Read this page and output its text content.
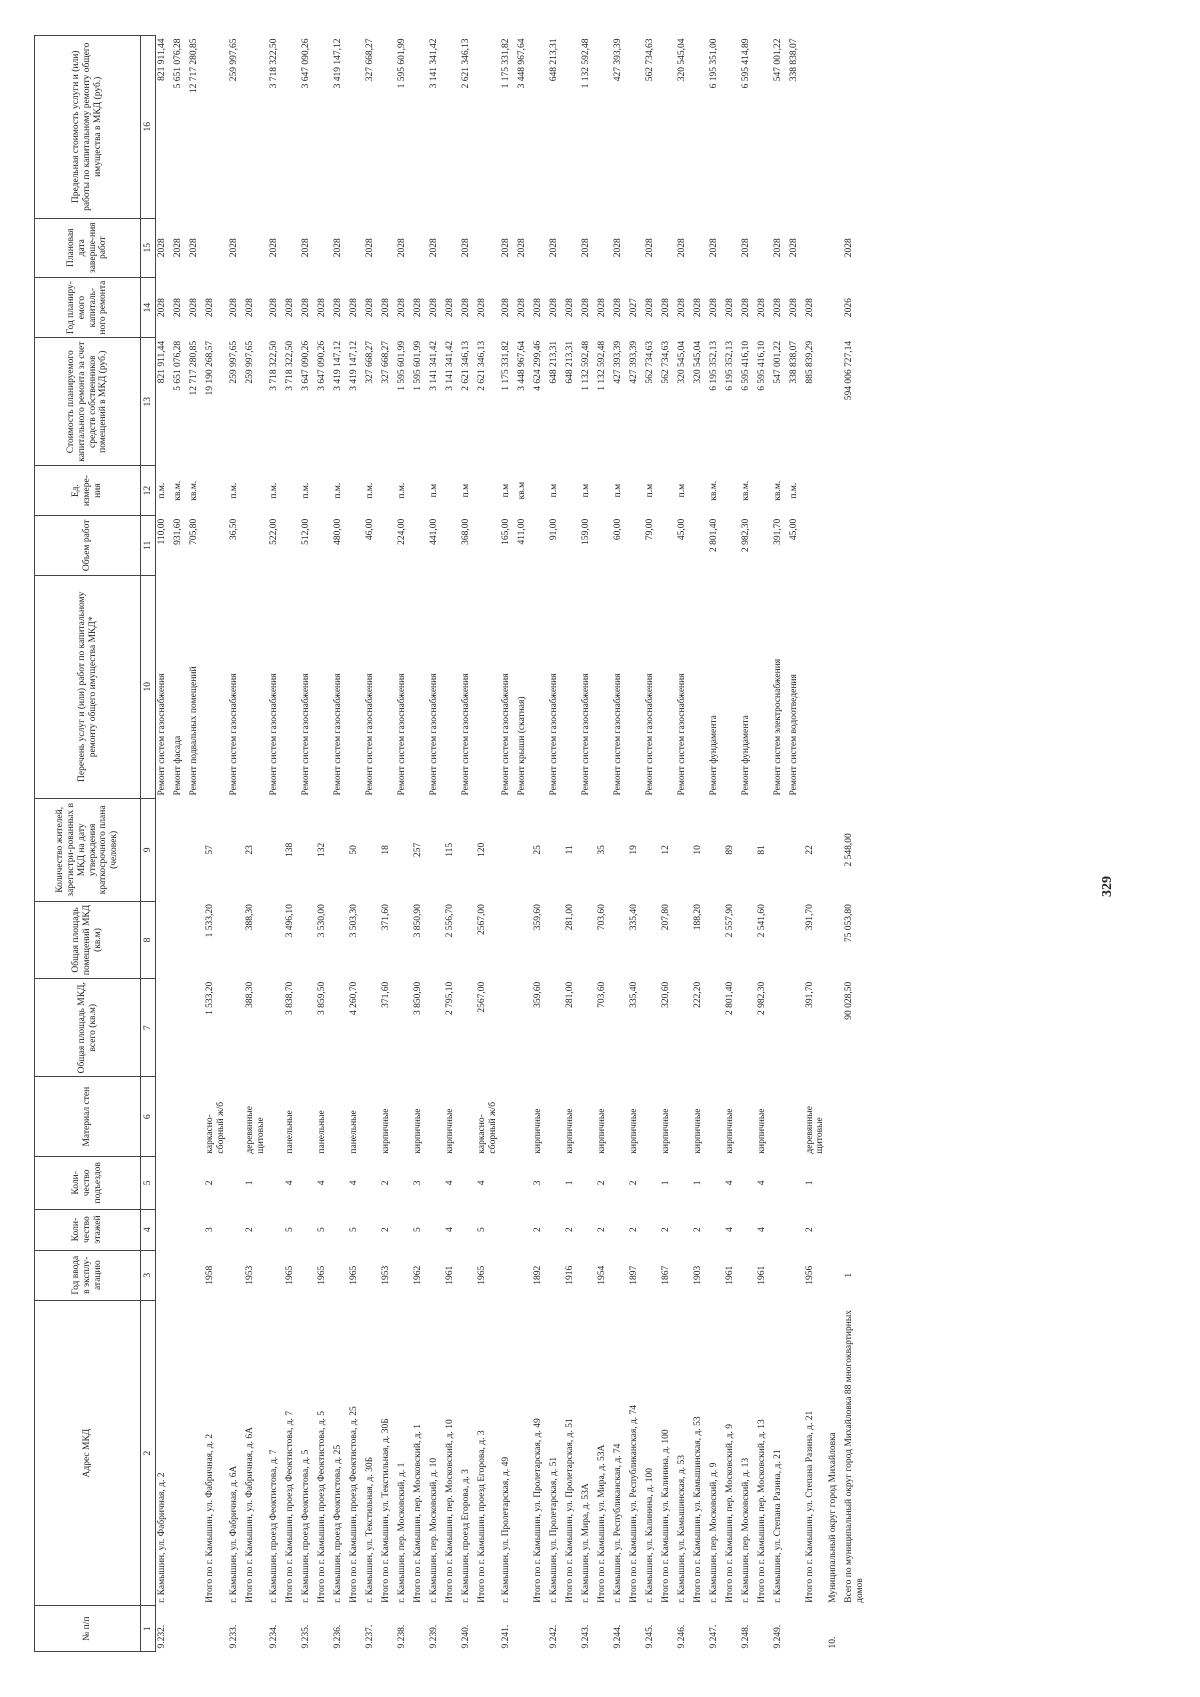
329
№ п/п	Адрес МКД	Год ввода в эксплу-атацию	Коли-чество этажей	Коли-чество подъездов	Материал стен	Общая площадь МКД, всего (кв.м)	Общая площадь помещений МКД (кв.м)	Количество жителей, зарегистри-рованных в МКД на дату утверждения краткосрочного плана (человек)	Перечень услуг и (или) работ по капитальному ремонту общего имущества МКД*	Объем работ	Ед. измере-ния	Стоимость планируемого капитального ремонта за счет средств собственников помещений в МКД (руб.)	Год планиру-емого капиталь-ного ремонта	Плановая дата заверше-ния работ	Предельная стоимость услуги и (или) работы по капитальному ремонту общего имущества в МКД (руб.)
1	2	3	4	5	6	7	8	9	10	11	12	13	14	15	16
9.232.	г. Камышин, ул. Фабричная, д. 2								Ремонт систем газоснабжения	110,00	п.м.	821 911,44	2028	2028	821 911,44
									Ремонт фасада	931,60	кв.м.	5 651 076,28	2028	2028	5 651 076,28
									Ремонт подвальных помещений	705,80	кв.м.	12 717 280,85	2028	2028	12 717 280,85
	Итого по г. Камышин, ул. Фабричная, д. 2	1958	3	2	каркасно-сборный ж/б	1 533,20	1 533,20	57				19 190 268,57	2028		
9.233.	г. Камышин, ул. Фабричная, д. 6А								Ремонт систем газоснабжения	36,50	п.м.	259 997,65	2028	2028	259 997,65
	Итого по г. Камышин, ул. Фабричная, д. 6А	1953	2	1	деревянные щитовые	388,30	388,30	23				259 997,65	2028		
9.234.	г. Камышин, проезд Феоктистова, д. 7								Ремонт систем газоснабжения	522,00	п.м.	3 718 322,50	2028	2028	3 718 322,50
	Итого по г. Камышин, проезд Феоктистова, д. 7	1965	5	4	панельные	3 838,70	3 496,10	138				3 718 322,50	2028		
9.235.	г. Камышин, проезд Феоктистова, д. 5								Ремонт систем газоснабжения	512,00	п.м.	3 647 090,26	2028	2028	3 647 090,26
	Итого по г. Камышин, проезд Феоктистова, д. 5	1965	5	4	панельные	3 859,50	3 530,00	132				3 647 090,26	2028		
9.236.	г. Камышин, проезд Феоктистова, д. 25								Ремонт систем газоснабжения	480,00	п.м.	3 419 147,12	2028	2028	3 419 147,12
	Итого по г. Камышин, проезд Феоктистова, д. 25	1965	5	4	панельные	4 260,70	3 503,30	50				3 419 147,12	2028		
9.237.	г. Камышин, ул. Текстильная, д. 30Б								Ремонт систем газоснабжения	46,00	п.м.	327 668,27	2028	2028	327 668,27
	Итого по г. Камышин, ул. Текстильная, д. 30Б	1953	2	2	кирпичные	371,60	371,60	18				327 668,27	2028		
9.238.	г. Камышин, пер. Московский, д. 1								Ремонт систем газоснабжения	224,00	п.м.	1 595 601,99	2028	2028	1 595 601,99
	Итого по г. Камышин, пер. Московский, д. 1	1962	5	3	кирпичные	3 850,90	3 850,90	257				1 595 601,99	2028		
9.239.	г. Камышин, пер. Московский, д. 10								Ремонт систем газоснабжения	441,00	п.м	3 141 341,42	2028	2028	3 141 341,42
	Итого по г. Камышин, пер. Московский, д. 10	1961	4	4	кирпичные	2 795,10	2 556,70	115				3 141 341,42	2028		
9.240.	г. Камышин, проезд Егорова, д. 3								Ремонт систем газоснабжения	368,00	п.м	2 621 346,13	2028	2028	2 621 346,13
	Итого по г. Камышин, проезд Егорова, д. 3	1965	5	4	каркасно-сборный ж/б	2567,00	2567,00	120				2 621 346,13	2028		
9.241.	г. Камышин, ул. Пролетарская, д. 49								Ремонт систем газоснабжения	165,00	п.м	1 175 331,82	2028	2028	1 175 331,82
									Ремонт крыши (скатная)	411,00	кв.м	3 448 967,64	2028	2028	3 448 967,64
	Итого по г. Камышин, ул. Пролетарская, д. 49	1892	2	3	кирпичные	359,60	359,60	25				4 624 299,46	2028		
9.242.	г. Камышин, ул. Пролетарская, д. 51								Ремонт систем газоснабжения	91,00	п.м	648 213,31	2028	2028	648 213,31
	Итого по г. Камышин, ул. Пролетарская, д. 51	1916	2	1	кирпичные	281,00	281,00	11				648 213,31	2028		
9.243.	г. Камышин, ул. Мира, д. 53А								Ремонт систем газоснабжения	159,00	п.м	1 132 592,48	2028	2028	1 132 592,48
	Итого по г. Камышин, ул. Мира, д. 53А	1954	2	2	кирпичные	703,60	703,60	35				1 132 592,48	2028		
9.244.	г. Камышин, ул. Республиканская, д. 74								Ремонт систем газоснабжения	60,00	п.м	427 393,39	2028	2028	427 393,39
	Итого по г. Камышин, ул. Республиканская, д. 74	1897	2	2	кирпичные	335,40	335,40	19				427 393,39	2027		
9.245.	г. Камышин, ул. Калинина, д. 100								Ремонт систем газоснабжения	79,00	п.м	562 734,63	2028	2028	562 734,63
	Итого по г. Камышин, ул. Калинина, д. 100	1867	2	1	кирпичные	320,60	207,80	12				562 734,63	2028		
9.246.	г. Камышин, ул. Камышинская, д. 53								Ремонт систем газоснабжения	45,00	п.м	320 545,04	2028	2028	320 545,04
	Итого по г. Камышин, ул. Камышинская, д. 53	1903	2	1	кирпичные	222,20	188,20	10				320 545,04	2028		
9.247.	г. Камышин, пер. Московский, д. 9								Ремонт фундамента	2 801,40	кв.м.	6 195 352,13	2028	2028	6 195 351,00
	Итого по г. Камышин, пер. Московский, д. 9	1961	4	4	кирпичные	2 801,40	2 557,90	89				6 195 352,13	2028		
9.248.	г. Камышин, пер. Московский, д. 13								Ремонт фундамента	2 982,30	кв.м.	6 595 416,10	2028	2028	6 595 414,89
	Итого по г. Камышин, пер. Московский, д. 13	1961	4	4	кирпичные	2 982,30	2 541,60	81				6 595 416,10	2028		
9.249.	г. Камышин, ул. Степана Разина, д. 21								Ремонт систем электроснабжения	391,70	кв.м.	547 001,22	2028	2028	547 001,22
									Ремонт систем водоотведения	45,00	п.м.	338 838,07	2028	2028	338 838,07
	Итого по г. Камышин, ул. Степана Разина, д. 21	1956	2	1	деревянные щитовые	391,70	391,70	22				885 839,29	2028		
10.	Муниципальный округ город Михайловка														
	Всего по муниципальный округ город Михайловка 88 многоквартирных домов	1				90 028,50	75 053,80	2 548,00				594 006 727,14	2026	2028	
